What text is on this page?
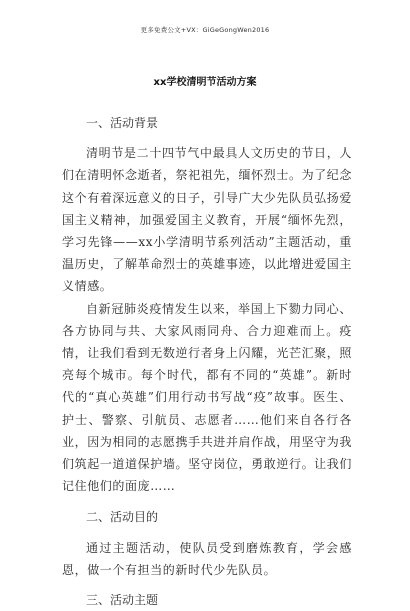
更多免费公文+VX：GiGeGongWen2016
xx学校清明节活动方案
一、活动背景

清明节是二十四节气中最具人文历史的节日，人们在清明怀念逝者，祭祀祖先，缅怀烈士。为了纪念这个有着深远意义的日子，引导广大少先队员弘扬爱国主义精神，加强爱国主义教育，开展“缅怀先烈，学习先锋——xx小学清明节系列活动”主题活动，重温历史，了解革命烈士的英雄事迹，以此增进爱国主义情感。

自新冠肺炎疫情发生以来，举国上下勠力同心、各方协同与共、大家风雨同舟、合力迎难而上。疫情，让我们看到无数逆行者身上闪耀，光芒汇聚，照亮每个城市。每个时代，都有不同的“英雄”。新时代的“真心英雄”们用行动书写战“疫”故事。医生、护士、警察、引航员、志愿者……他们来自各行各业，因为相同的志愿携手共进并肩作战，用坚守为我们筑起一道道保护墙。坚守岗位，勇敢逆行。让我们记住他们的面庞……

二、活动目的

通过主题活动，使队员受到磨炼教育，学会感恩，做一个有担当的新时代少先队员。

三、活动主题
